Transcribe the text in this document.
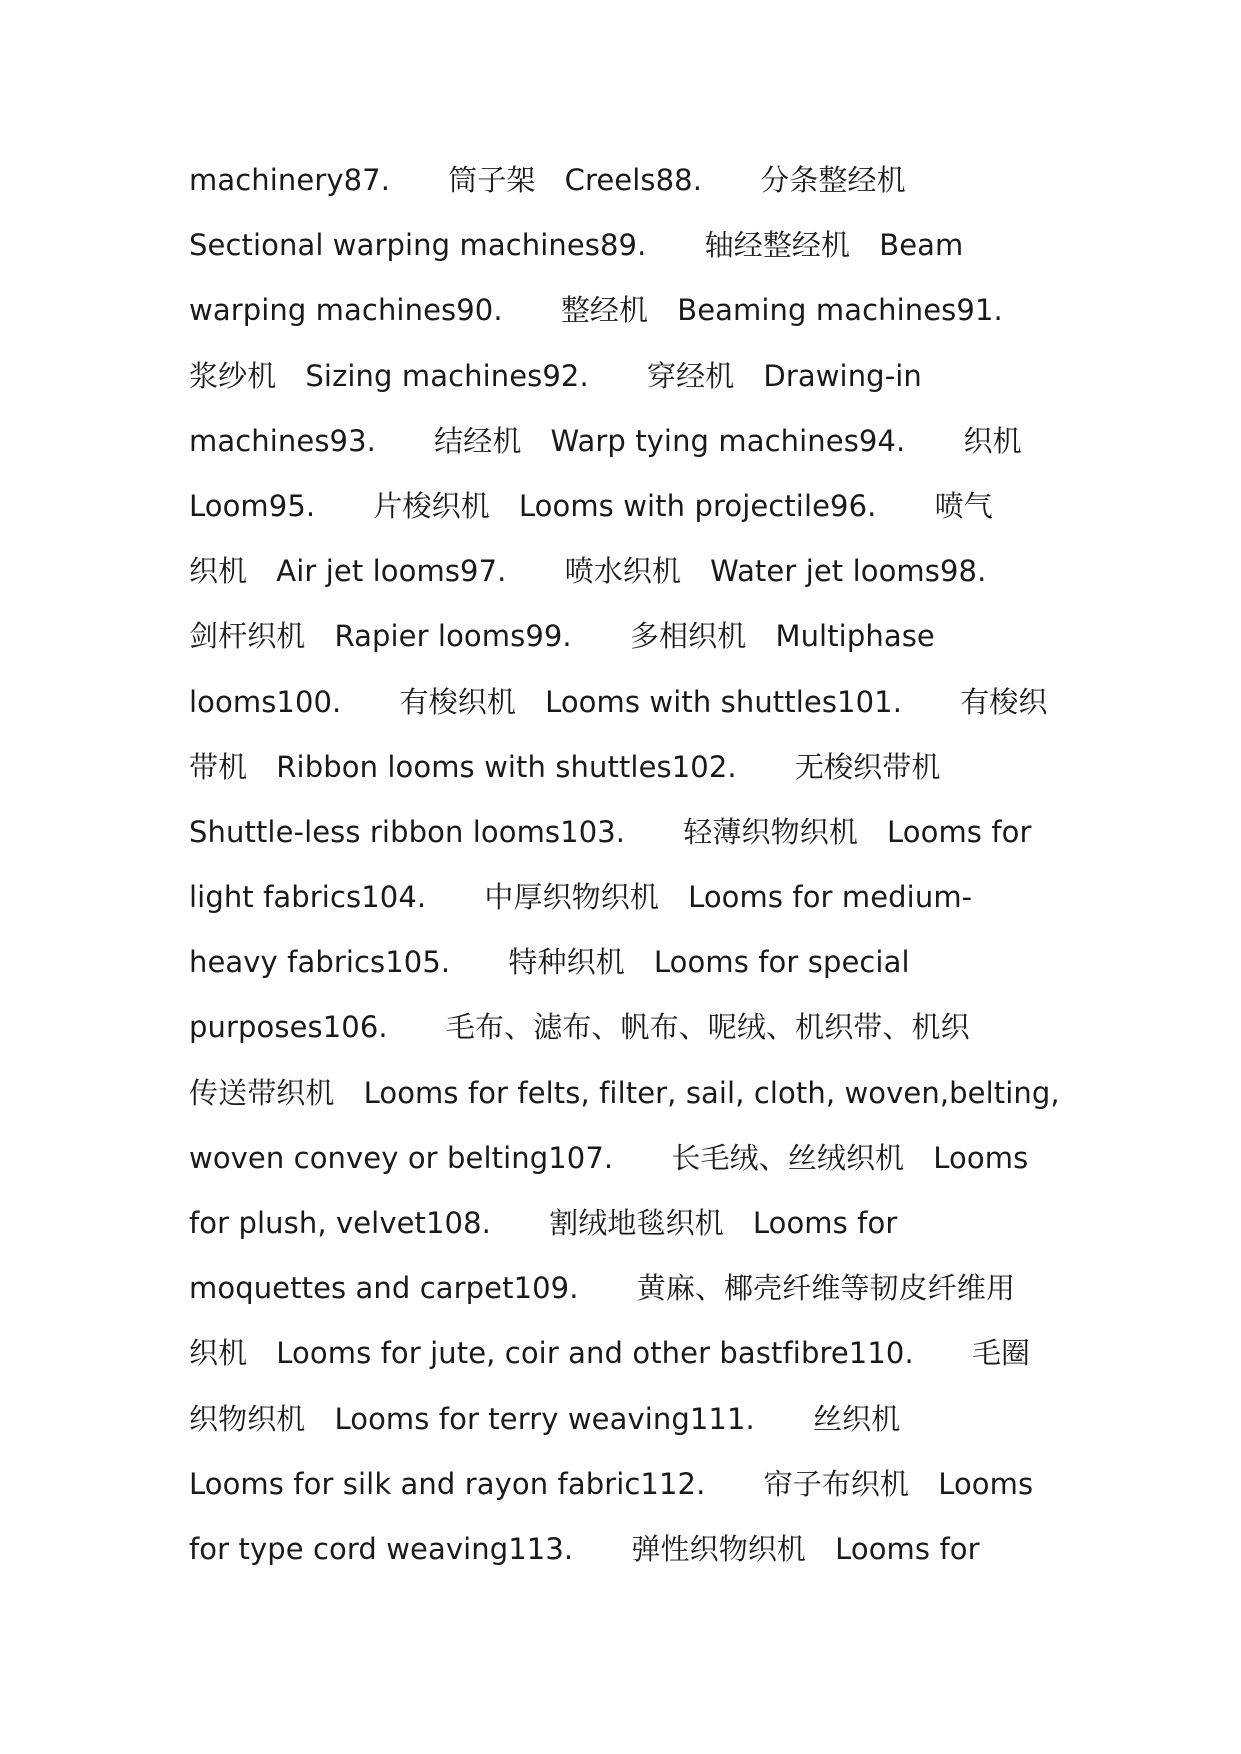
machinery87.　　筒子架　Creels88.　　分条整经机
Sectional warping machines89.　　轴经整经机　Beam
warping machines90.　　整经机　Beaming machines91.
浆纱机　Sizing machines92.　　穿经机　Drawing-in
machines93.　　结经机　Warp tying machines94.　　织机
Loom95.　　片梭织机　Looms with projectile96.　　喷气
织机　Air jet looms97.　　喷水织机　Water jet looms98.
剑杆织机　Rapier looms99.　　多相织机　Multiphase
looms100.　　有梭织机　Looms with shuttles101.　　有梭织
带机　Ribbon looms with shuttles102.　　无梭织带机
Shuttle-less ribbon looms103.　　轻薄织物织机　Looms for
light fabrics104.　　中厚织物织机　Looms for medium-
heavy fabrics105.　　特种织机　Looms for special
purposes106.　　毛布、滤布、帆布、呢绒、机织带、机织
传送带织机　Looms for felts, filter, sail, cloth, woven,belting,
woven convey or belting107.　　长毛绒、丝绒织机　Looms
for plush, velvet108.　　割绒地毯织机　Looms for
moquettes and carpet109.　　黄麻、椰壳纤维等韧皮纤维用
织机　Looms for jute, coir and other bastfibre110.　　毛圈
织物织机　Looms for terry weaving111.　　丝织机
Looms for silk and rayon fabric112.　　帘子布织机　Looms
for type cord weaving113.　　弹性织物织机　Looms for
